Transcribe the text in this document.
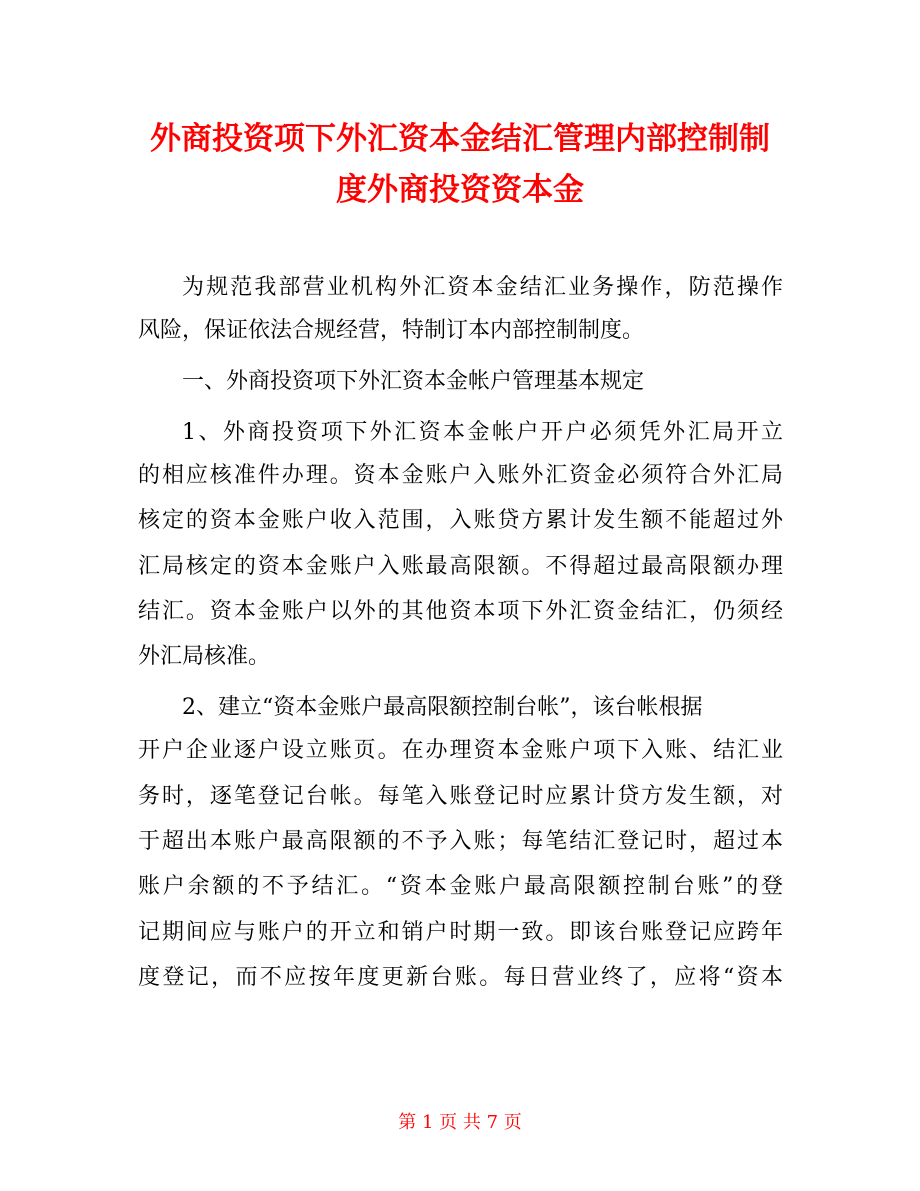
外商投资项下外汇资本金结汇管理内部控制制
度外商投资资本金
为规范我部营业机构外汇资本金结汇业务操作，防范操作
风险，保证依法合规经营，特制订本内部控制制度。
一、外商投资项下外汇资本金帐户管理基本规定
1、外商投资项下外汇资本金帐户开户必须凭外汇局开立
的相应核准件办理。资本金账户入账外汇资金必须符合外汇局
核定的资本金账户收入范围，入账贷方累计发生额不能超过外
汇局核定的资本金账户入账最高限额。不得超过最高限额办理
结汇。资本金账户以外的其他资本项下外汇资金结汇，仍须经
外汇局核准。
2、建立“资本金账户最高限额控制台帐”，该台帐根据
开户企业逐户设立账页。在办理资本金账户项下入账、结汇业
务时，逐笔登记台帐。每笔入账登记时应累计贷方发生额，对
于超出本账户最高限额的不予入账；每笔结汇登记时，超过本
账户余额的不予结汇。“资本金账户最高限额控制台账”的登
记期间应与账户的开立和销户时期一致。即该台账登记应跨年
度登记，而不应按年度更新台账。每日营业终了，应将“资本
第 1 页 共 7 页
